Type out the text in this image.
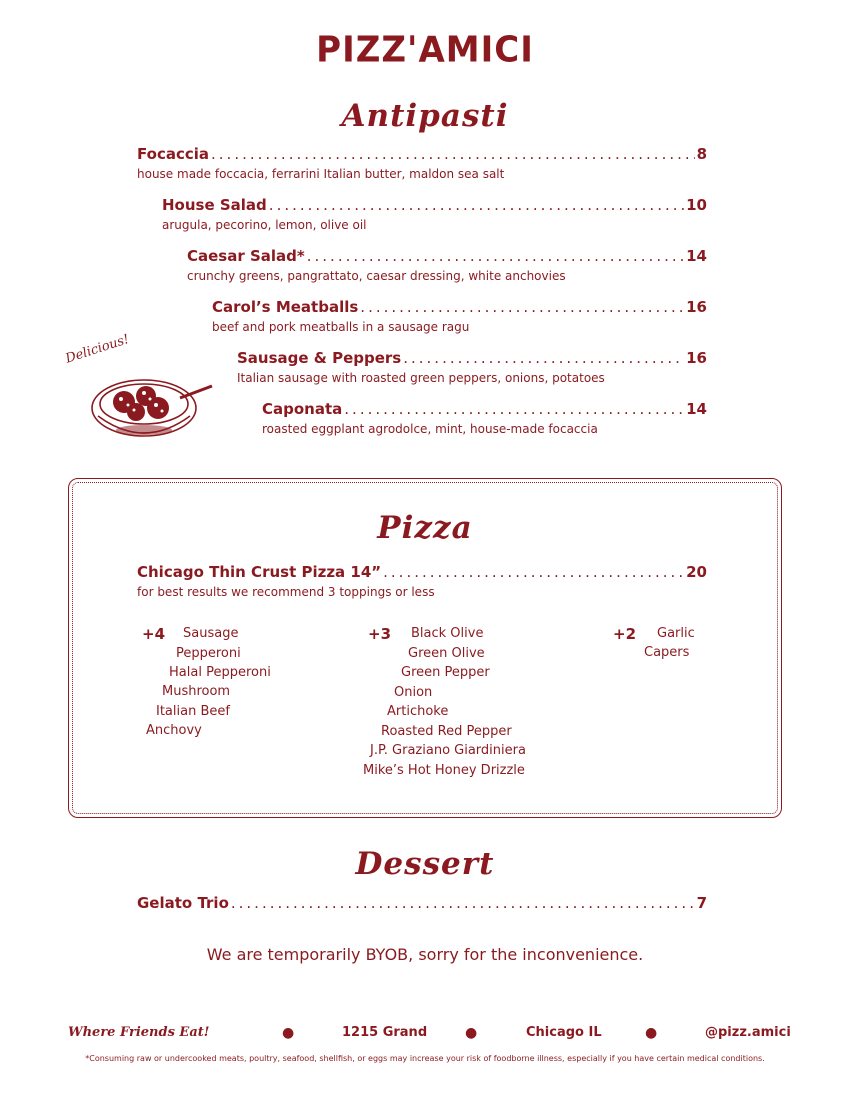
PIZZ'AMICI
Antipasti
Focaccia .....	8
house made foccacia, ferrarini Italian butter, maldon sea salt
House Salad .....	10
arugula, pecorino, lemon, olive oil
Caesar Salad* .....	14
crunchy greens, pangrattato, caesar dressing, white anchovies
Carol’s Meatballs .....	16
beef and pork meatballs in a sausage ragu
Sausage & Peppers .....	16
Italian sausage with roasted green peppers, onions, potatoes
Caponata .....	14
roasted eggplant agrodolce, mint, house-made focaccia
Delicious!
Pizza
Chicago Thin Crust Pizza 14” .....	20
for best results we recommend 3 toppings or less
+4 Sausage
Pepperoni
Halal Pepperoni
Mushroom
Italian Beef
Anchovy
+3 Black Olive
Green Olive
Green Pepper
Onion
Artichoke
Roasted Red Pepper
J.P. Graziano Giardiniera
Mike’s Hot Honey Drizzle
+2 Garlic
Capers
Dessert
Gelato Trio .....	7
We are temporarily BYOB, sorry for the inconvenience.
Where Friends Eat!	●	1215 Grand	●	Chicago IL	●	@pizz.amici
*Consuming raw or undercooked meats, poultry, seafood, shellfish, or eggs may increase your risk of foodborne illness, especially if you have certain medical conditions.
